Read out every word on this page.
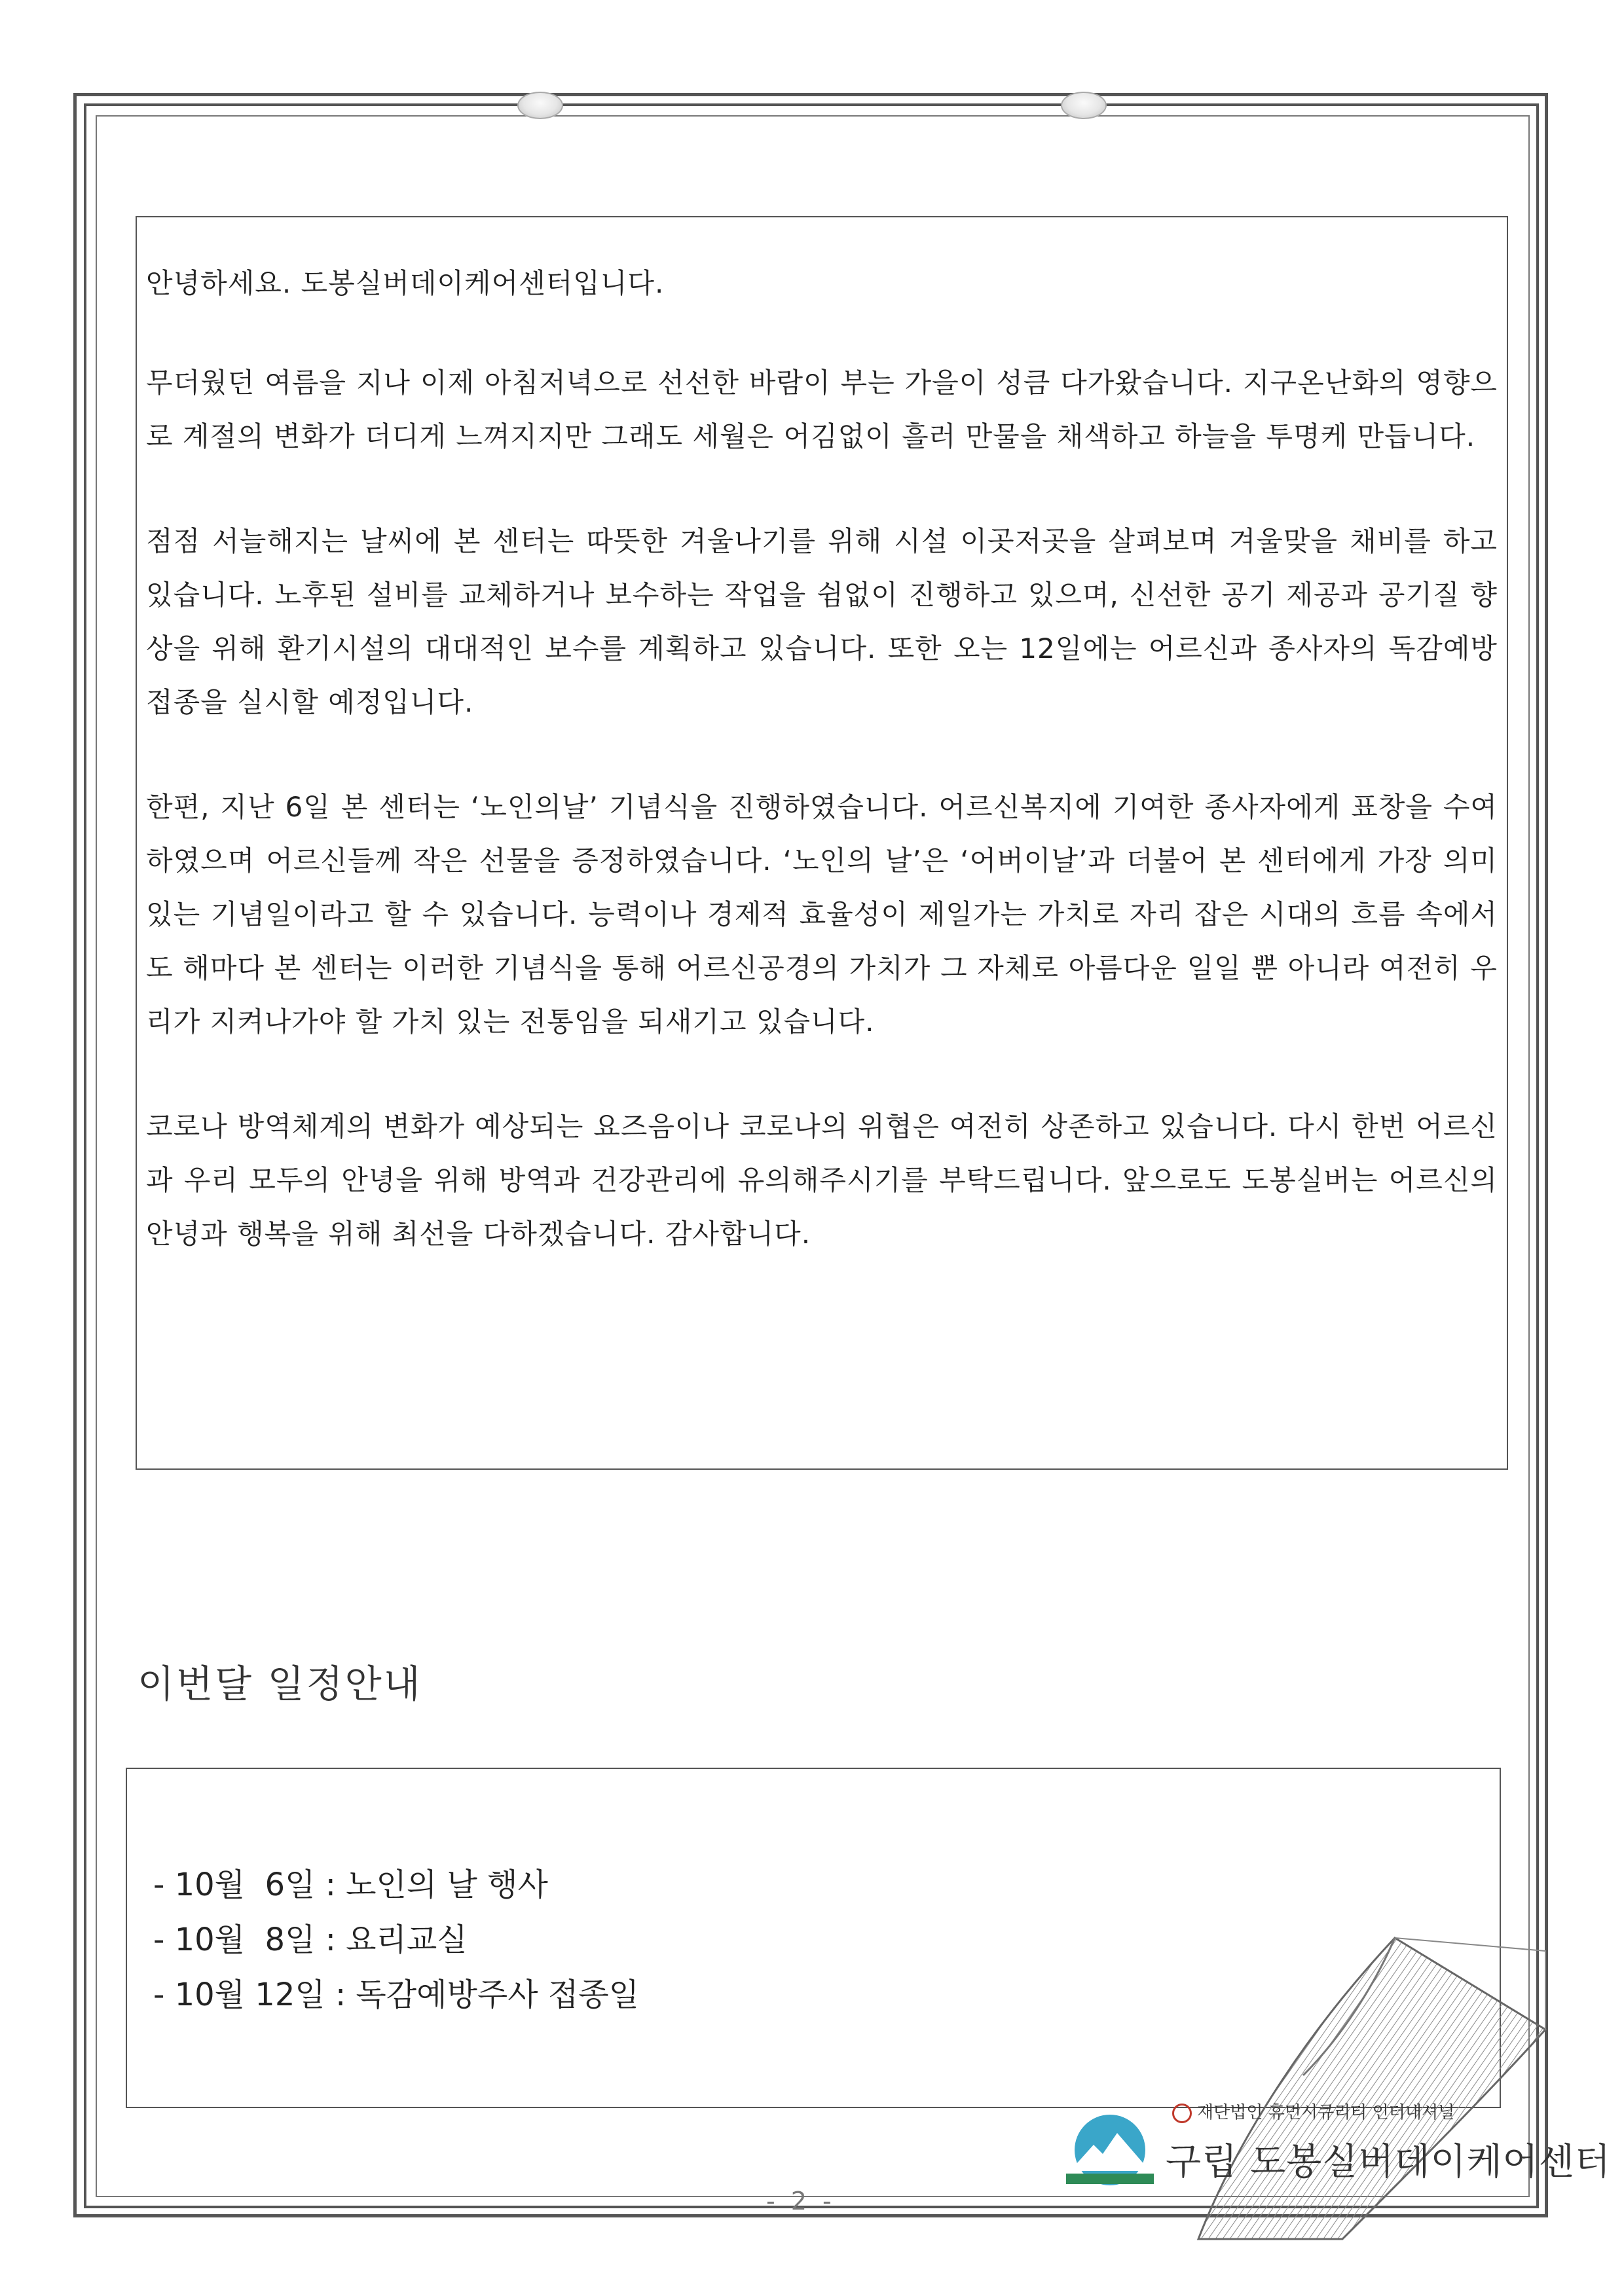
안녕하세요. 도봉실버데이케어센터입니다.

무더웠던 여름을 지나 이제 아침저녁으로 선선한 바람이 부는 가을이 성큼 다가왔습니다. 지구온난화의 영향으로 계절의 변화가 더디게 느껴지지만 그래도 세월은 어김없이 흘러 만물을 채색하고 하늘을 투명케 만듭니다.

점점 서늘해지는 날씨에 본 센터는 따뜻한 겨울나기를 위해 시설 이곳저곳을 살펴보며 겨울맞을 채비를 하고 있습니다. 노후된 설비를 교체하거나 보수하는 작업을 쉼없이 진행하고 있으며, 신선한 공기 제공과 공기질 향상을 위해 환기시설의 대대적인 보수를 계획하고 있습니다. 또한 오는 12일에는 어르신과 종사자의 독감예방접종을 실시할 예정입니다.

한편, 지난 6일 본 센터는 ‘노인의날’ 기념식을 진행하였습니다. 어르신복지에 기여한 종사자에게 표창을 수여하였으며 어르신들께 작은 선물을 증정하였습니다. ‘노인의 날’은 ‘어버이날’과 더불어 본 센터에게 가장 의미 있는 기념일이라고 할 수 있습니다. 능력이나 경제적 효율성이 제일가는 가치로 자리 잡은 시대의 흐름 속에서도 해마다 본 센터는 이러한 기념식을 통해 어르신공경의 가치가 그 자체로 아름다운 일일 뿐 아니라 여전히 우리가 지켜나가야 할 가치 있는 전통임을 되새기고 있습니다.

코로나 방역체계의 변화가 예상되는 요즈음이나 코로나의 위협은 여전히 상존하고 있습니다. 다시 한번 어르신과 우리 모두의 안녕을 위해 방역과 건강관리에 유의해주시기를 부탁드립니다. 앞으로도 도봉실버는 어르신의 안녕과 행복을 위해 최선을 다하겠습니다. 감사합니다.

이번달 일정안내
- 10월  6일 : 노인의 날 행사
- 10월  8일 : 요리교실
- 10월 12일 : 독감예방주사 접종일
재단법인 휴먼시큐리티 인터내셔널
구립 도봉실버데이케어센터
- 2 -
